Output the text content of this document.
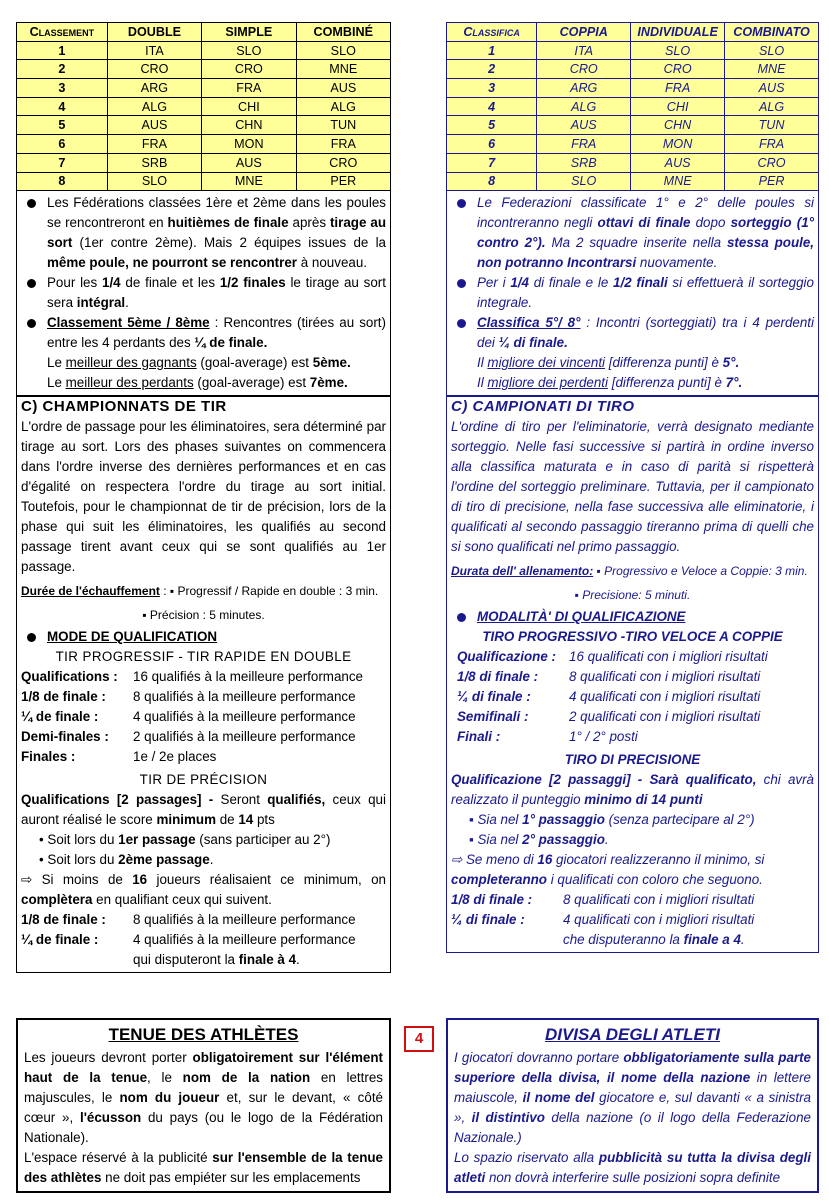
Classement	DOUBLE	SIMPLE	COMBINÉ
1	ITA	SLO	SLO
2	CRO	CRO	MNE
3	ARG	FRA	AUS
4	ALG	CHI	ALG
5	AUS	CHN	TUN
6	FRA	MON	FRA
7	SRB	AUS	CRO
8	SLO	MNE	PER
Les Fédérations classées 1ère et 2ème dans les poules se rencontreront en huitièmes de finale après tirage au sort (1er contre 2ème). Mais 2 équipes issues de la même poule, ne pourront se rencontrer à nouveau.
Pour les 1/4 de finale et les 1/2 finales le tirage au sort sera intégral.
Classement 5ème / 8ème : Rencontres (tirées au sort) entre les 4 perdants des ¼ de finale.
Le meilleur des gagnants (goal-average) est 5ème.
Le meilleur des perdants (goal-average) est 7ème.
C) CHAMPIONNATS DE TIR
L'ordre de passage pour les éliminatoires, sera déterminé par tirage au sort. Lors des phases suivantes on commencera dans l'ordre inverse des dernières performances et en cas d'égalité on respectera l'ordre du tirage au sort initial. Toutefois, pour le championnat de tir de précision, lors de la phase qui suit les éliminatoires, les qualifiés au second passage tirent avant ceux qui se sont qualifiés au 1er passage.
Durée de l'échauffement : ▪ Progressif / Rapide en double : 3 min.
▪ Précision : 5 minutes.
MODE DE QUALIFICATION
TIR PROGRESSIF - TIR RAPIDE EN DOUBLE
Qualifications :	16 qualifiés à la meilleure performance
1/8 de finale :	8 qualifiés à la meilleure performance
¼ de finale :	4 qualifiés à la meilleure performance
Demi-finales :	2 qualifiés à la meilleure performance
Finales :	1e / 2e places
TIR DE PRÉCISION
Qualifications [2 passages] - Seront qualifiés, ceux qui auront réalisé le score minimum de 14 pts
• Soit lors du 1er passage (sans participer au 2°)
• Soit lors du 2ème passage.
⇨ Si moins de 16 joueurs réalisaient ce minimum, on complètera en qualifiant ceux qui suivent.
1/8 de finale :	8 qualifiés à la meilleure performance
¼ de finale :	4 qualifiés à la meilleure performance
qui disputeront la finale à 4.
Classifica	COPPIA	INDIVIDUALE	COMBINATO
1	ITA	SLO	SLO
2	CRO	CRO	MNE
3	ARG	FRA	AUS
4	ALG	CHI	ALG
5	AUS	CHN	TUN
6	FRA	MON	FRA
7	SRB	AUS	CRO
8	SLO	MNE	PER
Le Federazioni classificate 1° e 2° delle poules si incontreranno negli ottavi di finale dopo sorteggio (1° contro 2°). Ma 2 squadre inserite nella stessa poule, non potranno Incontrarsi nuovamente.
Per i 1/4 di finale e le 1/2 finali si effettuerà il sorteggio integrale.
Classifica 5°/ 8° : Incontri (sorteggiati) tra i 4 perdenti dei ¼ di finale.
Il migliore dei vincenti [differenza punti] è 5°.
Il migliore dei perdenti [differenza punti] è 7°.
C) CAMPIONATI DI TIRO
L'ordine di tiro per l'eliminatorie, verrà designato mediante sorteggio. Nelle fasi successive si partirà in ordine inverso alla classifica maturata e in caso di parità si rispetterà l'ordine del sorteggio preliminare. Tuttavia, per il campionato di tiro di precisione, nella fase successiva alle eliminatorie, i qualificati al secondo passaggio tireranno prima di quelli che si sono qualificati nel primo passaggio.
Durata dell' allenamento: ▪ Progressivo e Veloce a Coppie: 3 min.
▪ Precisione: 5 minuti.
MODALITÀ' DI QUALIFICAZIONE
TIRO PROGRESSIVO -TIRO VELOCE A COPPIE
Qualificazione : 16 qualificati con i migliori risultati
1/8 di finale :	8 qualificati con i migliori risultati
¼ di finale :	4 qualificati con i migliori risultati
Semifinali :	2 qualificati con i migliori risultati
Finali :	1° / 2° posti
TIRO DI PRECISIONE
Qualificazione [2 passaggi] - Sarà qualificato, chi avrà realizzato il punteggio minimo di 14 punti
▪ Sia nel 1° passaggio (senza partecipare al 2°)
▪ Sia nel 2° passaggio.
⇨ Se meno di 16 giocatori realizzeranno il minimo, si completeranno i qualificati con coloro che seguono.
1/8 di finale :	8 qualificati con i migliori risultati
¼ di finale :	4 qualificati con i migliori risultati
che disputeranno la finale a 4.
TENUE DES ATHLÈTES
Les joueurs devront porter obligatoirement sur l'élément haut de la tenue, le nom de la nation en lettres majuscules, le nom du joueur et, sur le devant, « côté cœur », l'écusson du pays (ou le logo de la Fédération Nationale).
L'espace réservé à la publicité sur l'ensemble de la tenue des athlètes ne doit pas empiéter sur les emplacements
4	DIVISA DEGLI ATLETI
I giocatori dovranno portare obbligatoriamente sulla parte superiore della divisa, il nome della nazione in lettere maiuscole, il nome del giocatore e, sul davanti « a sinistra », il distintivo della nazione (o il logo della Federazione Nazionale.)
Lo spazio riservato alla pubblicità su tutta la divisa degli atleti non dovrà interferire sulle posizioni sopra definite
